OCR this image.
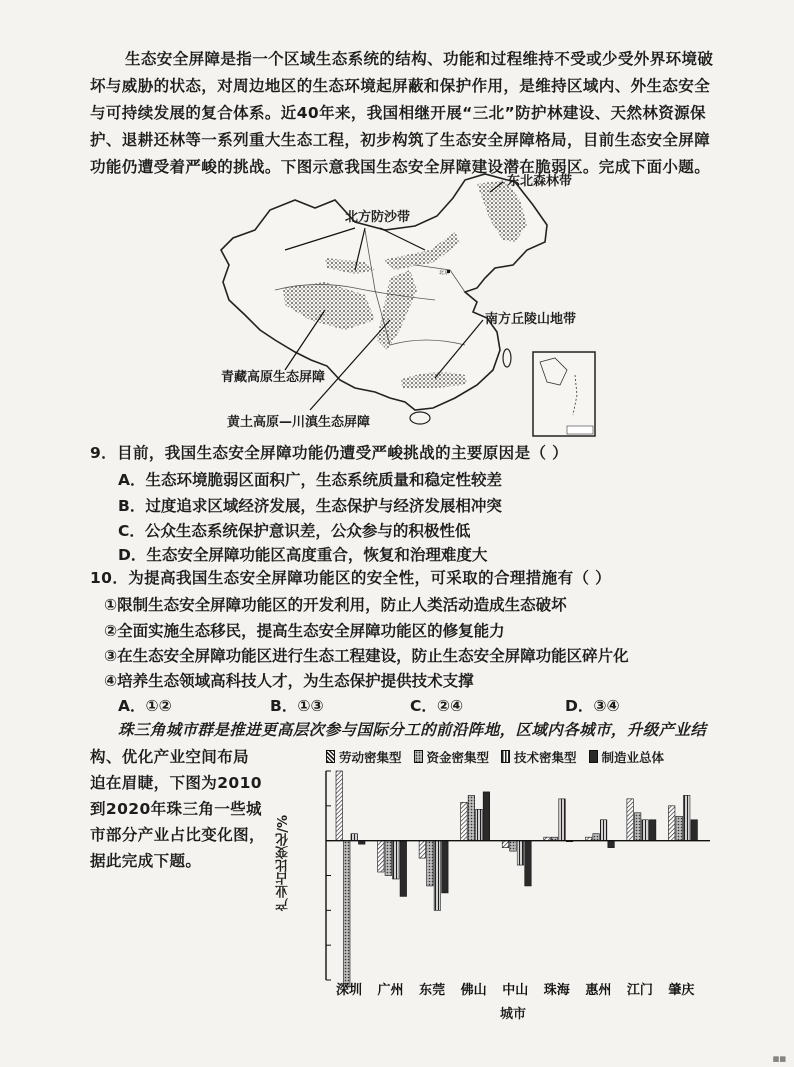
生态安全屏障是指一个区域生态系统的结构、功能和过程维持不受或少受外界环境破
坏与威胁的状态，对周边地区的生态环境起屏蔽和保护作用，是维持区域内、外生态安全
与可持续发展的复合体系。近40年来，我国相继开展“三北”防护林建设、天然林资源保
护、退耕还林等一系列重大生态工程，初步构筑了生态安全屏障格局，目前生态安全屏障
功能仍遭受着严峻的挑战。下图示意我国生态安全屏障建设潜在脆弱区。完成下面小题。
东北森林带
北方防沙带
南方丘陵山地带
青藏高原生态屏障
黄土高原—川滇生态屏障
北京
9．目前，我国生态安全屏障功能仍遭受严峻挑战的主要原因是（ ）
A．生态环境脆弱区面积广，生态系统质量和稳定性较差
B．过度追求区域经济发展，生态保护与经济发展相冲突
C．公众生态系统保护意识差，公众参与的积极性低
D．生态安全屏障功能区高度重合，恢复和治理难度大
10．为提高我国生态安全屏障功能区的安全性，可采取的合理措施有（ ）
①限制生态安全屏障功能区的开发利用，防止人类活动造成生态破坏
②全面实施生态移民，提高生态安全屏障功能区的修复能力
③在生态安全屏障功能区进行生态工程建设，防止生态安全屏障功能区碎片化
④培养生态领域高科技人才，为生态保护提供技术支撑
A．①②	B．①③	C．②④	D．③④
珠三角城市群是推进更高层次参与国际分工的前沿阵地，区域内各城市，升级产业结
构、优化产业空间布局
迫在眉睫，下图为2010
到2020年珠三角一些城
市部分产业占比变化图，
据此完成下题。
深圳 广州 东莞 佛山 中山 珠海 惠州 江门 肇庆
劳动密集型 资金密集型 技术密集型 制造业总体
产业占比变化/%
城市
▦▦
